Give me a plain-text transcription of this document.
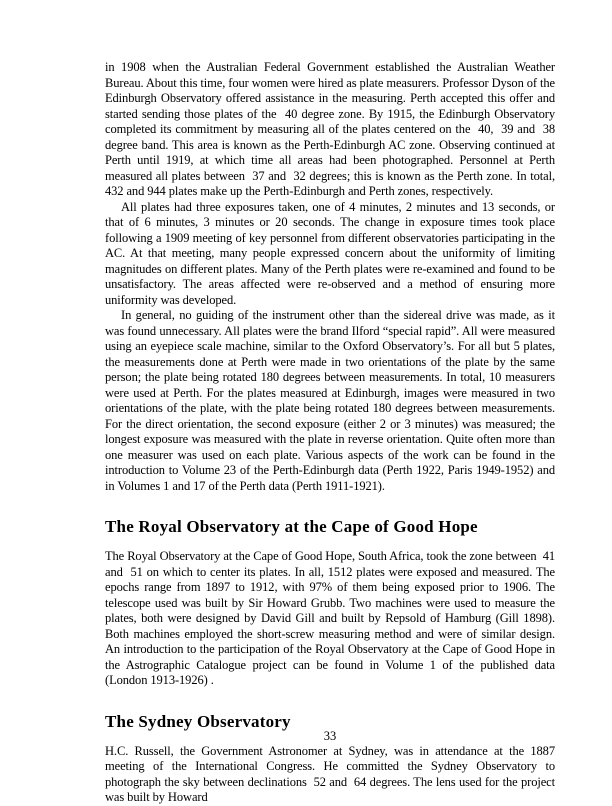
in 1908 when the Australian Federal Government established the Australian Weather Bureau. About this time, four women were hired as plate measurers. Professor Dyson of the Edinburgh Observatory offered assistance in the measuring. Perth accepted this offer and started sending those plates of the  40 degree zone. By 1915, the Edinburgh Observatory completed its commitment by measuring all of the plates centered on the  40,  39 and  38 degree band. This area is known as the Perth-Edinburgh AC zone. Observing continued at Perth until 1919, at which time all areas had been photographed. Personnel at Perth measured all plates between  37 and  32 degrees; this is known as the Perth zone. In total, 432 and 944 plates make up the Perth-Edinburgh and Perth zones, respectively.

All plates had three exposures taken, one of 4 minutes, 2 minutes and 13 seconds, or that of 6 minutes, 3 minutes or 20 seconds. The change in exposure times took place following a 1909 meeting of key personnel from different observatories participating in the AC. At that meeting, many people expressed concern about the uniformity of limiting magnitudes on different plates. Many of the Perth plates were re-examined and found to be unsatisfactory. The areas affected were re-observed and a method of ensuring more uniformity was developed.

In general, no guiding of the instrument other than the sidereal drive was made, as it was found unnecessary. All plates were the brand Ilford “special rapid”. All were measured using an eyepiece scale machine, similar to the Oxford Observatory’s. For all but 5 plates, the measurements done at Perth were made in two orientations of the plate by the same person; the plate being rotated 180 degrees between measurements. In total, 10 measurers were used at Perth. For the plates measured at Edinburgh, images were measured in two orientations of the plate, with the plate being rotated 180 degrees between measurements. For the direct orientation, the second exposure (either 2 or 3 minutes) was measured; the longest exposure was measured with the plate in reverse orientation. Quite often more than one measurer was used on each plate. Various aspects of the work can be found in the introduction to Volume 23 of the Perth-Edinburgh data (Perth 1922, Paris 1949-1952) and in Volumes 1 and 17 of the Perth data (Perth 1911-1921).

The Royal Observatory at the Cape of Good Hope

The Royal Observatory at the Cape of Good Hope, South Africa, took the zone between  41 and  51 on which to center its plates. In all, 1512 plates were exposed and measured. The epochs range from 1897 to 1912, with 97% of them being exposed prior to 1906. The telescope used was built by Sir Howard Grubb. Two machines were used to measure the plates, both were designed by David Gill and built by Repsold of Hamburg (Gill 1898). Both machines employed the short-screw measuring method and were of similar design. An introduction to the participation of the Royal Observatory at the Cape of Good Hope in the Astrographic Catalogue project can be found in Volume 1 of the published data (London 1913-1926) .

The Sydney Observatory

H.C. Russell, the Government Astronomer at Sydney, was in attendance at the 1887 meeting of the International Congress. He committed the Sydney Observatory to photograph the sky between declinations  52 and  64 degrees. The lens used for the project was built by Howard

33
